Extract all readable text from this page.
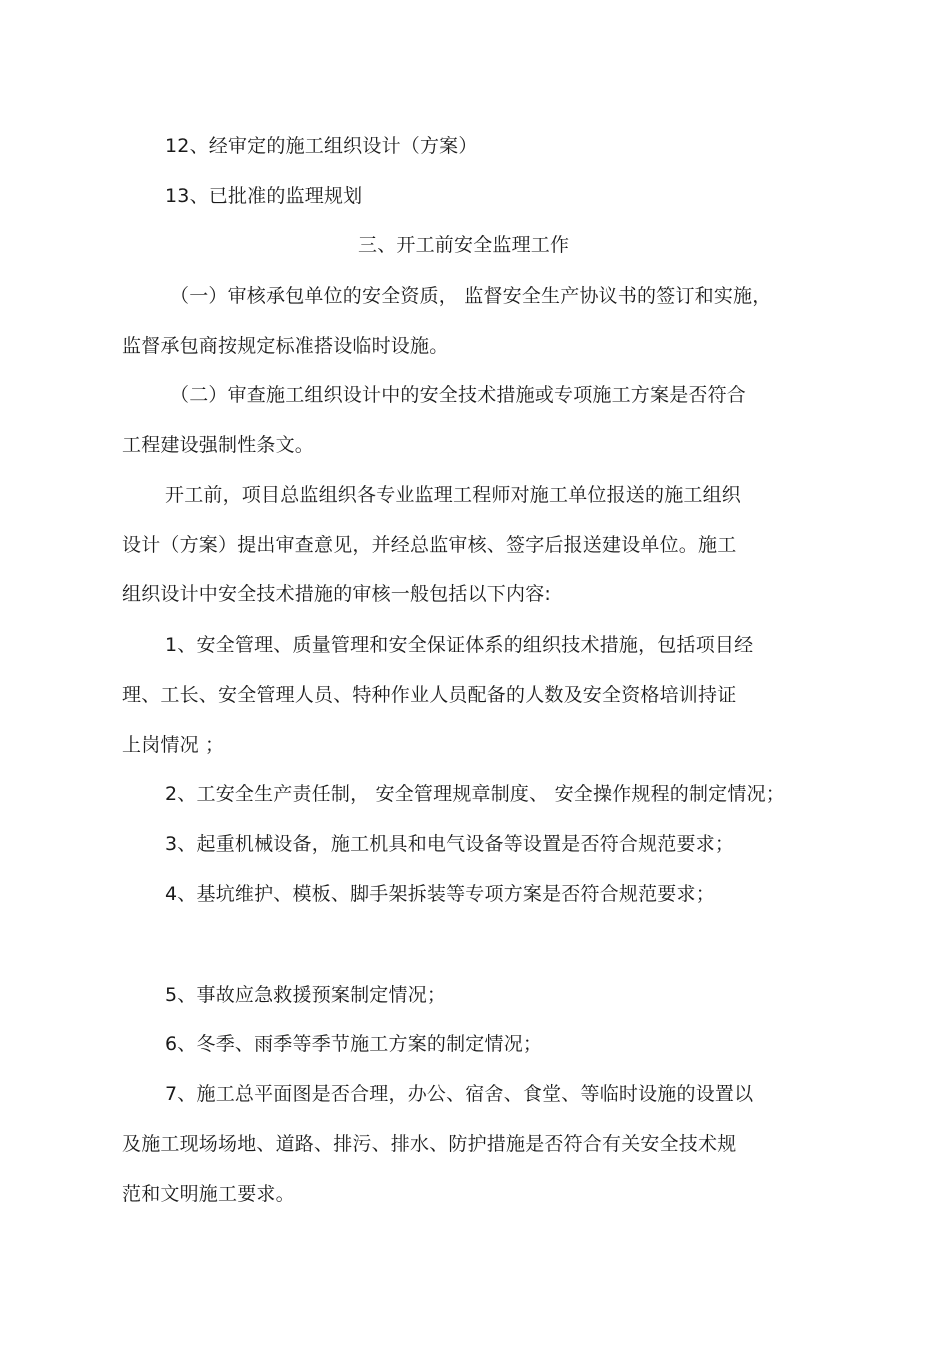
12、经审定的施工组织设计（方案）
13、已批准的监理规划
三、开工前安全监理工作
（一）审核承包单位的安全资质， 监督安全生产协议书的签订和实施，
监督承包商按规定标准搭设临时设施。
（二）审查施工组织设计中的安全技术措施或专项施工方案是否符合
工程建设强制性条文。
开工前，项目总监组织各专业监理工程师对施工单位报送的施工组织
设计（方案）提出审查意见，并经总监审核、签字后报送建设单位。施工
组织设计中安全技术措施的审核一般包括以下内容:
1、安全管理、质量管理和安全保证体系的组织技术措施，包括项目经
理、工长、安全管理人员、特种作业人员配备的人数及安全资格培训持证
上岗情况 ；
2、工安全生产责任制， 安全管理规章制度、 安全操作规程的制定情况；
3、起重机械设备，施工机具和电气设备等设置是否符合规范要求；
4、基坑维护、模板、脚手架拆装等专项方案是否符合规范要求；
5、事故应急救援预案制定情况；
6、冬季、雨季等季节施工方案的制定情况；
7、施工总平面图是否合理，办公、宿舍、食堂、等临时设施的设置以
及施工现场场地、道路、排污、排水、防护措施是否符合有关安全技术规
范和文明施工要求。
